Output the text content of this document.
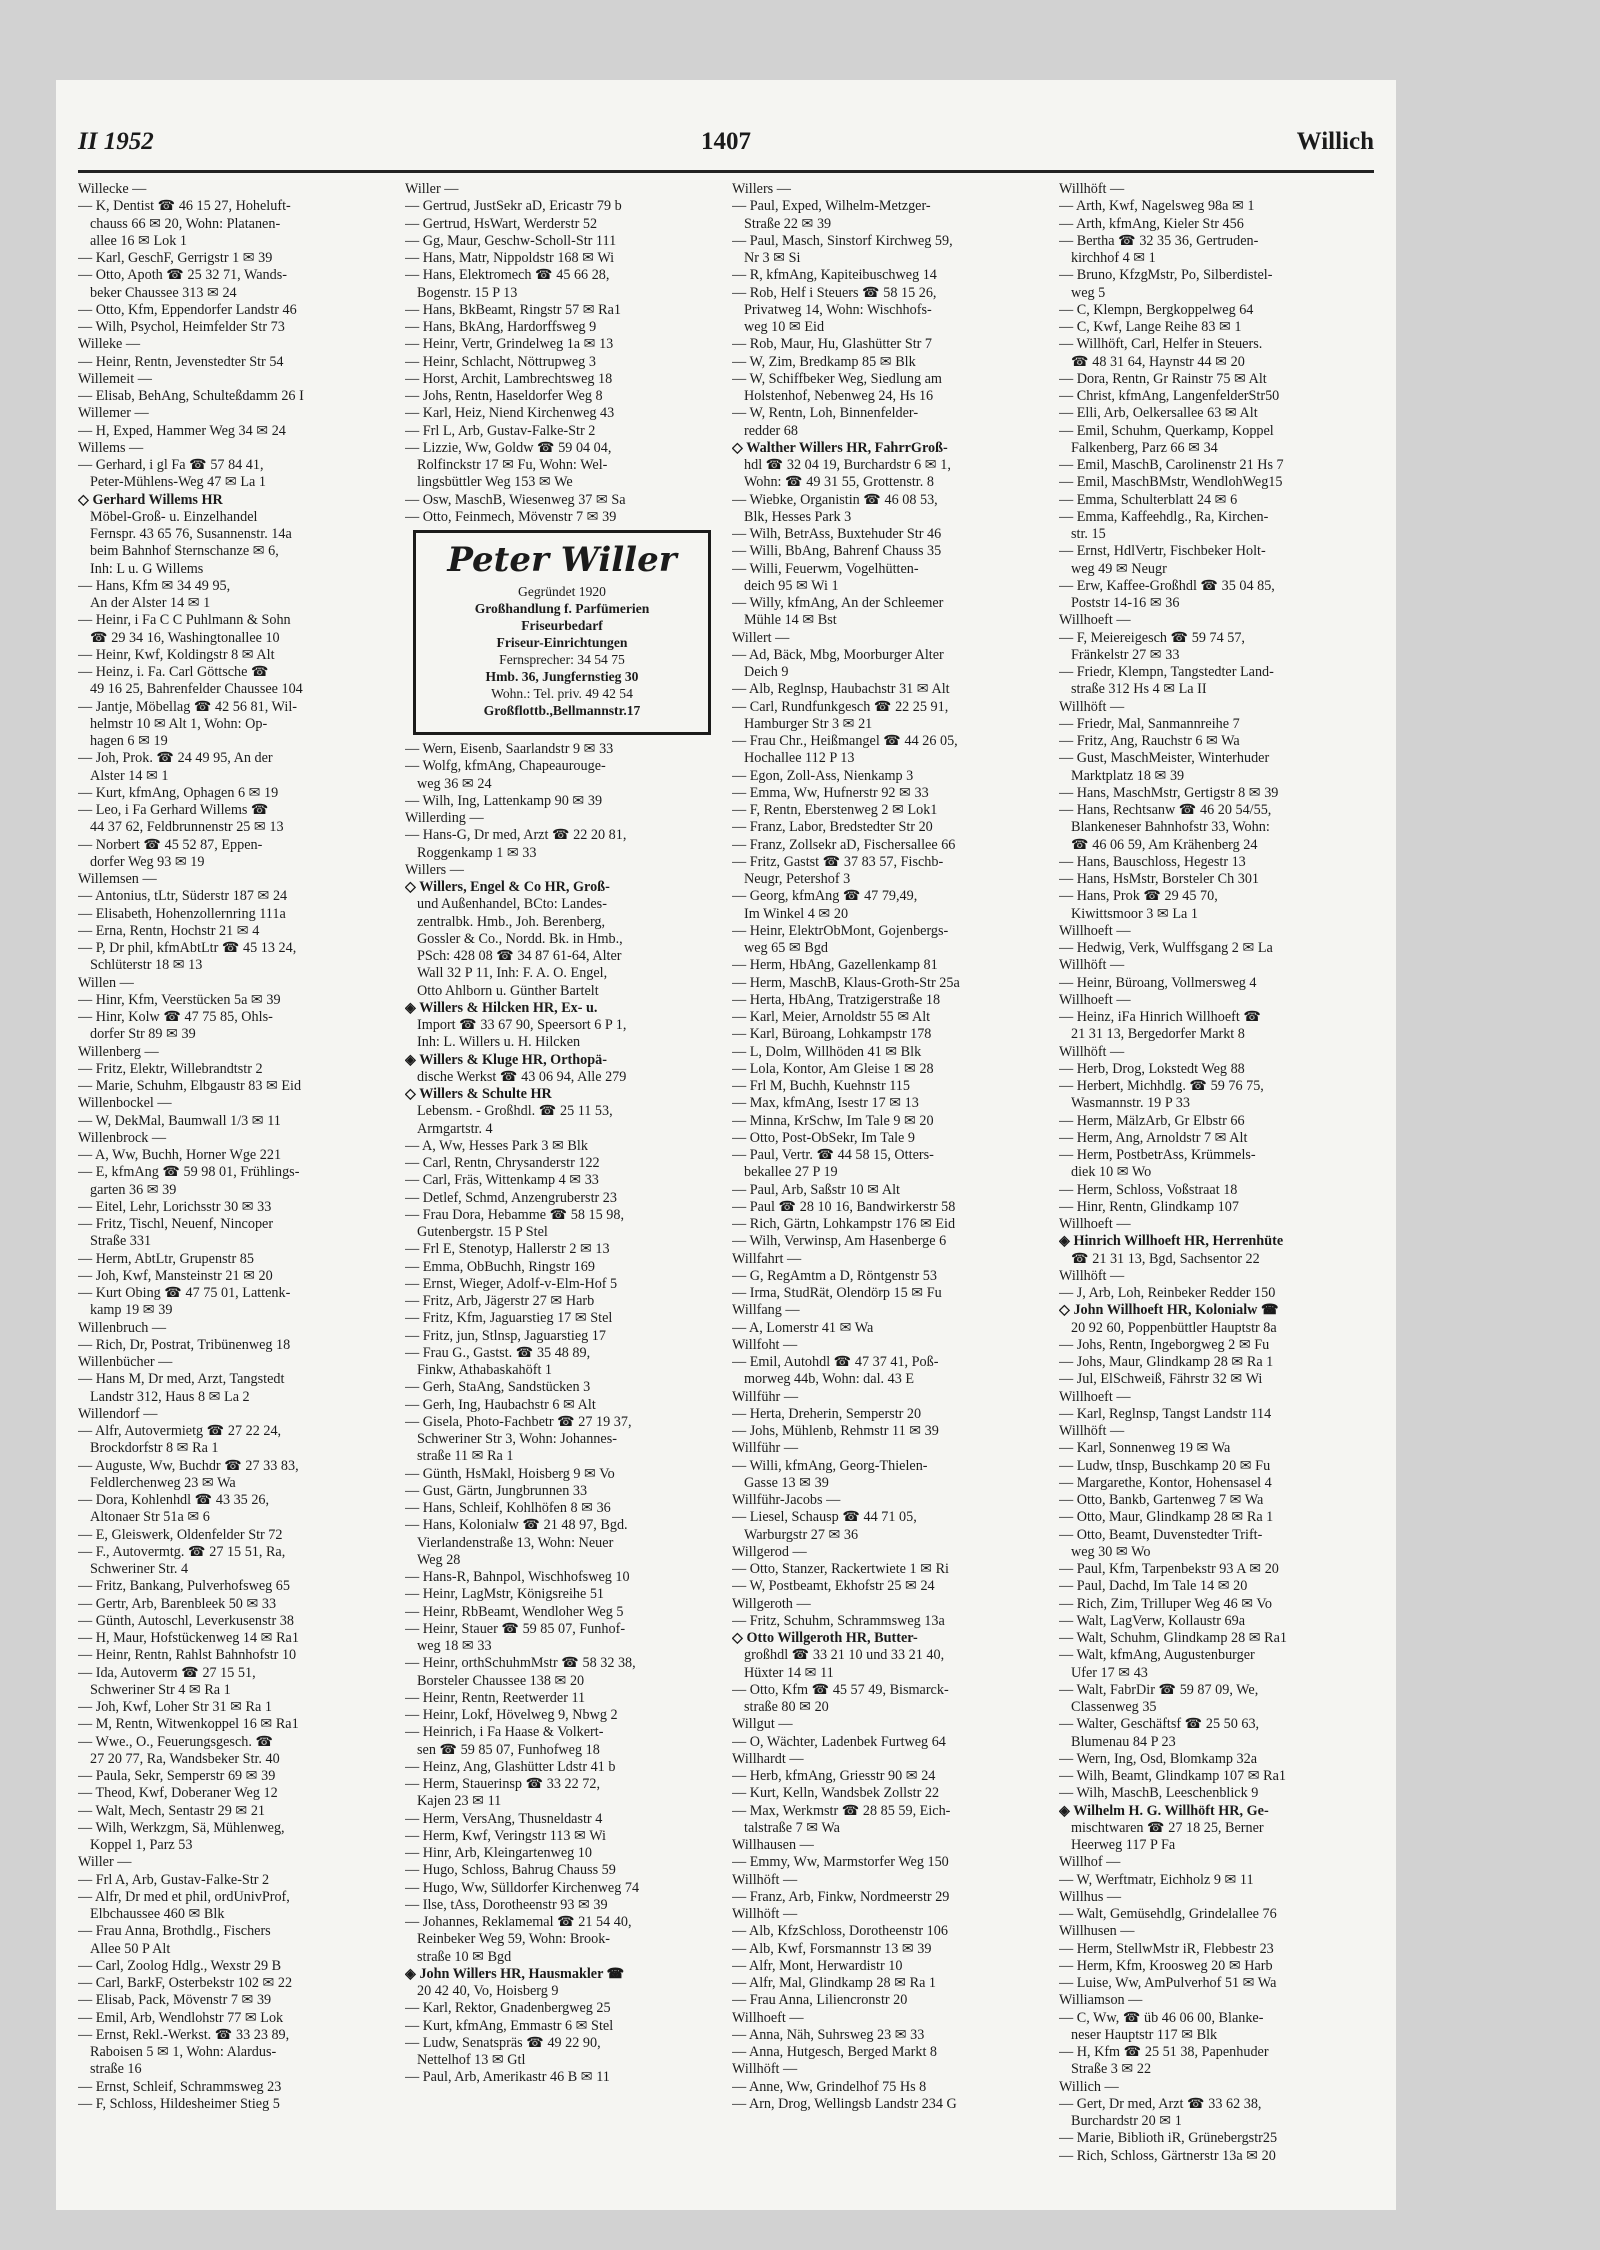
1407
II 1952	Willich
Willecke —
— K, Dentist ☎ 46 15 27, Hoheluft-
chauss 66 ✉ 20, Wohn: Platanen-
allee 16 ✉ Lok 1
— Karl, GeschF, Gerrigstr 1 ✉ 39
— Otto, Apoth ☎ 25 32 71, Wands-
beker Chaussee 313 ✉ 24
— Otto, Kfm, Eppendorfer Landstr 46
— Wilh, Psychol, Heimfelder Str 73
Willeke —
— Heinr, Rentn, Jevenstedter Str 54
Willemeit —
— Elisab, BehAng, Schulteßdamm 26 I
Willemer —
— H, Exped, Hammer Weg 34 ✉ 24
Willems —
— Gerhard, i gl Fa ☎ 57 84 41,
Peter-Mühlens-Weg 47 ✉ La 1
◇ Gerhard Willems HR
Möbel-Groß- u. Einzelhandel
Fernspr. 43 65 76, Susannenstr. 14a
beim Bahnhof Sternschanze ✉ 6,
Inh: L u. G Willems
— Hans, Kfm ✉ 34 49 95,
An der Alster 14 ✉ 1
— Heinr, i Fa C C Puhlmann & Sohn
☎ 29 34 16, Washingtonallee 10
— Heinr, Kwf, Koldingstr 8 ✉ Alt
— Heinz, i. Fa. Carl Göttsche ☎
49 16 25, Bahrenfelder Chaussee 104
— Jantje, Möbellag ☎ 42 56 81, Wil-
helmstr 10 ✉ Alt 1, Wohn: Op-
hagen 6 ✉ 19
— Joh, Prok. ☎ 24 49 95, An der
Alster 14 ✉ 1
— Kurt, kfmAng, Ophagen 6 ✉ 19
— Leo, i Fa Gerhard Willems ☎
44 37 62, Feldbrunnenstr 25 ✉ 13
— Norbert ☎ 45 52 87, Eppen-
dorfer Weg 93 ✉ 19
Willemsen —
— Antonius, tLtr, Süderstr 187 ✉ 24
— Elisabeth, Hohenzollernring 111a
— Erna, Rentn, Hochstr 21 ✉ 4
— P, Dr phil, kfmAbtLtr ☎ 45 13 24,
Schlüterstr 18 ✉ 13
Willen —
— Hinr, Kfm, Veerstücken 5a ✉ 39
— Hinr, Kolw ☎ 47 75 85, Ohls-
dorfer Str 89 ✉ 39
Willenberg —
— Fritz, Elektr, Willebrandtstr 2
— Marie, Schuhm, Elbgaustr 83 ✉ Eid
Willenbockel —
— W, DekMal, Baumwall 1/3 ✉ 11
Willenbrock —
— A, Ww, Buchh, Horner Wge 221
— E, kfmAng ☎ 59 98 01, Frühlings-
garten 36 ✉ 39
— Eitel, Lehr, Lorichsstr 30 ✉ 33
— Fritz, Tischl, Neuenf, Nincoper
Straße 331
— Herm, AbtLtr, Grupenstr 85
— Joh, Kwf, Mansteinstr 21 ✉ 20
— Kurt Obing ☎ 47 75 01, Lattenk-
kamp 19 ✉ 39
Willenbruch —
— Rich, Dr, Postrat, Tribünenweg 18
Willenbücher —
— Hans M, Dr med, Arzt, Tangstedt
Landstr 312, Haus 8 ✉ La 2
Willendorf —
— Alfr, Autovermietg ☎ 27 22 24,
Brockdorfstr 8 ✉ Ra 1
— Auguste, Ww, Buchdr ☎ 27 33 83,
Feldlerchenweg 23 ✉ Wa
— Dora, Kohlenhdl ☎ 43 35 26,
Altonaer Str 51a ✉ 6
— E, Gleiswerk, Oldenfelder Str 72
— F., Autovermtg. ☎ 27 15 51, Ra,
Schweriner Str. 4
— Fritz, Bankang, Pulverhofsweg 65
— Gertr, Arb, Barenbleek 50 ✉ 33
— Günth, Autoschl, Leverkusenstr 38
— H, Maur, Hofstückenweg 14 ✉ Ra1
— Heinr, Rentn, Rahlst Bahnhofstr 10
— Ida, Autoverm ☎ 27 15 51,
Schweriner Str 4 ✉ Ra 1
— Joh, Kwf, Loher Str 31 ✉ Ra 1
— M, Rentn, Witwenkoppel 16 ✉ Ra1
— Wwe., O., Feuerungsgesch. ☎
27 20 77, Ra, Wandsbeker Str. 40
— Paula, Sekr, Semperstr 69 ✉ 39
— Theod, Kwf, Doberaner Weg 12
— Walt, Mech, Sentastr 29 ✉ 21
— Wilh, Werkzgm, Sä, Mühlenweg,
Koppel 1, Parz 53
Willer —
— Frl A, Arb, Gustav-Falke-Str 2
— Alfr, Dr med et phil, ordUnivProf,
Elbchaussee 460 ✉ Blk
— Frau Anna, Brothdlg., Fischers
Allee 50 P Alt
— Carl, Zoolog Hdlg., Wexstr 29 B
— Carl, BarkF, Osterbekstr 102 ✉ 22
— Elisab, Pack, Mövenstr 7 ✉ 39
— Emil, Arb, Wendlohstr 77 ✉ Lok
— Ernst, Rekl.-Werkst. ☎ 33 23 89,
Raboisen 5 ✉ 1, Wohn: Alardus-
straße 16
— Ernst, Schleif, Schrammsweg 23
— F, Schloss, Hildesheimer Stieg 5
Willer —
— Gertrud, JustSekr aD, Ericastr 79 b
— Gertrud, HsWart, Werderstr 52
— Gg, Maur, Geschw-Scholl-Str 111
— Hans, Matr, Nippoldstr 168 ✉ Wi
— Hans, Elektromech ☎ 45 66 28,
Bogenstr. 15 P 13
— Hans, BkBeamt, Ringstr 57 ✉ Ra1
— Hans, BkAng, Hardorffsweg 9
— Heinr, Vertr, Grindelweg 1a ✉ 13
— Heinr, Schlacht, Nöttrupweg 3
— Horst, Archit, Lambrechtsweg 18
— Johs, Rentn, Haseldorfer Weg 8
— Karl, Heiz, Niend Kirchenweg 43
— Frl L, Arb, Gustav-Falke-Str 2
— Lizzie, Ww, Goldw ☎ 59 04 04,
Rolfinckstr 17 ✉ Fu, Wohn: Wel-
lingsbüttler Weg 153 ✉ We
— Osw, MaschB, Wiesenweg 37 ✉ Sa
— Otto, Feinmech, Mövenstr 7 ✉ 39
Peter Willer
Gegründet 1920
Großhandlung f. Parfümerien
Friseurbedarf
Friseur-Einrichtungen
Fernsprecher: 34 54 75
Hmb. 36, Jungfernstieg 30
Wohn.: Tel. priv. 49 42 54
Großflottb.,Bellmannstr.17
— Wern, Eisenb, Saarlandstr 9 ✉ 33
— Wolfg, kfmAng, Chapeaurouge-
weg 36 ✉ 24
— Wilh, Ing, Lattenkamp 90 ✉ 39
Willerding —
— Hans-G, Dr med, Arzt ☎ 22 20 81,
Roggenkamp 1 ✉ 33
Willers —
◇ Willers, Engel & Co HR, Groß-
und Außenhandel, BCto: Landes-
zentralbk. Hmb., Joh. Berenberg,
Gossler & Co., Nordd. Bk. in Hmb.,
PSch: 428 08 ☎ 34 87 61-64, Alter
Wall 32 P 11, Inh: F. A. O. Engel,
Otto Ahlborn u. Günther Bartelt
◈ Willers & Hilcken HR, Ex- u.
Import ☎ 33 67 90, Speersort 6 P 1,
Inh: L. Willers u. H. Hilcken
◈ Willers & Kluge HR, Orthopä-
dische Werkst ☎ 43 06 94, Alle 279
◇ Willers & Schulte HR
Lebensm. - Großhdl. ☎ 25 11 53,
Armgartstr. 4
— A, Ww, Hesses Park 3 ✉ Blk
— Carl, Rentn, Chrysanderstr 122
— Carl, Fräs, Wittenkamp 4 ✉ 33
— Detlef, Schmd, Anzengruberstr 23
— Frau Dora, Hebamme ☎ 58 15 98,
Gutenbergstr. 15 P Stel
— Frl E, Stenotyp, Hallerstr 2 ✉ 13
— Emma, ObBuchh, Ringstr 169
— Ernst, Wieger, Adolf-v-Elm-Hof 5
— Fritz, Arb, Jägerstr 27 ✉ Harb
— Fritz, Kfm, Jaguarstieg 17 ✉ Stel
— Fritz, jun, Stlnsp, Jaguarstieg 17
— Frau G., Gastst. ☎ 35 48 89,
Finkw, Athabaskahöft 1
— Gerh, StaAng, Sandstücken 3
— Gerh, Ing, Haubachstr 6 ✉ Alt
— Gisela, Photo-Fachbetr ☎ 27 19 37,
Schweriner Str 3, Wohn: Johannes-
straße 11 ✉ Ra 1
— Günth, HsMakl, Hoisberg 9 ✉ Vo
— Gust, Gärtn, Jungbrunnen 33
— Hans, Schleif, Kohlhöfen 8 ✉ 36
— Hans, Kolonialw ☎ 21 48 97, Bgd.
Vierlandenstraße 13, Wohn: Neuer
Weg 28
— Hans-R, Bahnpol, Wischhofsweg 10
— Heinr, LagMstr, Königsreihe 51
— Heinr, RbBeamt, Wendloher Weg 5
— Heinr, Stauer ☎ 59 85 07, Funhof-
weg 18 ✉ 33
— Heinr, orthSchuhmMstr ☎ 58 32 38,
Borsteler Chaussee 138 ✉ 20
— Heinr, Rentn, Reetwerder 11
— Heinr, Lokf, Hövelweg 9, Nbwg 2
— Heinrich, i Fa Haase & Volkert-
sen ☎ 59 85 07, Funhofweg 18
— Heinz, Ang, Glashütter Ldstr 41 b
— Herm, Stauerinsp ☎ 33 22 72,
Kajen 23 ✉ 11
— Herm, VersAng, Thusneldastr 4
— Herm, Kwf, Veringstr 113 ✉ Wi
— Hinr, Arb, Kleingartenweg 10
— Hugo, Schloss, Bahrug Chauss 59
— Hugo, Ww, Sülldorfer Kirchenweg 74
— Ilse, tAss, Dorotheenstr 93 ✉ 39
— Johannes, Reklamemal ☎ 21 54 40,
Reinbeker Weg 59, Wohn: Brook-
straße 10 ✉ Bgd
◈ John Willers HR, Hausmakler ☎
20 42 40, Vo, Hoisberg 9
— Karl, Rektor, Gnadenbergweg 25
— Kurt, kfmAng, Emmastr 6 ✉ Stel
— Ludw, Senatspräs ☎ 49 22 90,
Nettelhof 13 ✉ Gtl
— Paul, Arb, Amerikastr 46 B ✉ 11
Willers —
— Paul, Exped, Wilhelm-Metzger-
Straße 22 ✉ 39
— Paul, Masch, Sinstorf Kirchweg 59,
Nr 3 ✉ Si
— R, kfmAng, Kapiteibuschweg 14
— Rob, Helf i Steuers ☎ 58 15 26,
Privatweg 14, Wohn: Wischhofs-
weg 10 ✉ Eid
— Rob, Maur, Hu, Glashütter Str 7
— W, Zim, Bredkamp 85 ✉ Blk
— W, Schiffbeker Weg, Siedlung am
Holstenhof, Nebenweg 24, Hs 16
— W, Rentn, Loh, Binnenfelder-
redder 68
◇ Walther Willers HR, FahrrGroß-
hdl ☎ 32 04 19, Burchardstr 6 ✉ 1,
Wohn: ☎ 49 31 55, Grottenstr. 8
— Wiebke, Organistin ☎ 46 08 53,
Blk, Hesses Park 3
— Wilh, BetrAss, Buxtehuder Str 46
— Willi, BbAng, Bahrenf Chauss 35
— Willi, Feuerwm, Vogelhütten-
deich 95 ✉ Wi 1
— Willy, kfmAng, An der Schleemer
Mühle 14 ✉ Bst
Willert —
— Ad, Bäck, Mbg, Moorburger Alter
Deich 9
— Alb, Reglnsp, Haubachstr 31 ✉ Alt
— Carl, Rundfunkgesch ☎ 22 25 91,
Hamburger Str 3 ✉ 21
— Frau Chr., Heißmangel ☎ 44 26 05,
Hochallee 112 P 13
— Egon, Zoll-Ass, Nienkamp 3
— Emma, Ww, Hufnerstr 92 ✉ 33
— F, Rentn, Eberstenweg 2 ✉ Lok1
— Franz, Labor, Bredstedter Str 20
— Franz, Zollsekr aD, Fischersallee 66
— Fritz, Gastst ☎ 37 83 57, Fischb-
Neugr, Petershof 3
— Georg, kfmAng ☎ 47 79,49,
Im Winkel 4 ✉ 20
— Heinr, ElektrObMont, Gojenbergs-
weg 65 ✉ Bgd
— Herm, HbAng, Gazellenkamp 81
— Herm, MaschB, Klaus-Groth-Str 25a
— Herta, HbAng, Tratzigerstraße 18
— Karl, Meier, Arnoldstr 55 ✉ Alt
— Karl, Büroang, Lohkampstr 178
— L, Dolm, Willhöden 41 ✉ Blk
— Lola, Kontor, Am Gleise 1 ✉ 28
— Frl M, Buchh, Kuehnstr 115
— Max, kfmAng, Isestr 17 ✉ 13
— Minna, KrSchw, Im Tale 9 ✉ 20
— Otto, Post-ObSekr, Im Tale 9
— Paul, Vertr. ☎ 44 58 15, Otters-
bekallee 27 P 19
— Paul, Arb, Saßstr 10 ✉ Alt
— Paul ☎ 28 10 16, Bandwirkerstr 58
— Rich, Gärtn, Lohkampstr 176 ✉ Eid
— Wilh, Verwinsp, Am Hasenberge 6
Willfahrt —
— G, RegAmtm a D, Röntgenstr 53
— Irma, StudRät, Olendörp 15 ✉ Fu
Willfang —
— A, Lomerstr 41 ✉ Wa
Willfoht —
— Emil, Autohdl ☎ 47 37 41, Poß-
morweg 44b, Wohn: dal. 43 E
Willführ —
— Herta, Dreherin, Semperstr 20
— Johs, Mühlenb, Rehmstr 11 ✉ 39
Willführ —
— Willi, kfmAng, Georg-Thielen-
Gasse 13 ✉ 39
Willführ-Jacobs —
— Liesel, Schausp ☎ 44 71 05,
Warburgstr 27 ✉ 36
Willgerod —
— Otto, Stanzer, Rackertwiete 1 ✉ Ri
— W, Postbeamt, Ekhofstr 25 ✉ 24
Willgeroth —
— Fritz, Schuhm, Schrammsweg 13a
◇ Otto Willgeroth HR, Butter-
großhdl ☎ 33 21 10 und 33 21 40,
Hüxter 14 ✉ 11
— Otto, Kfm ☎ 45 57 49, Bismarck-
straße 80 ✉ 20
Willgut —
— O, Wächter, Ladenbek Furtweg 64
Willhardt —
— Herb, kfmAng, Griesstr 90 ✉ 24
— Kurt, Kelln, Wandsbek Zollstr 22
— Max, Werkmstr ☎ 28 85 59, Eich-
talstraße 7 ✉ Wa
Willhausen —
— Emmy, Ww, Marmstorfer Weg 150
Willhöft —
— Franz, Arb, Finkw, Nordmeerstr 29
Willhöft —
— Alb, KfzSchloss, Dorotheenstr 106
— Alb, Kwf, Forsmannstr 13 ✉ 39
— Alfr, Mont, Herwardistr 10
— Alfr, Mal, Glindkamp 28 ✉ Ra 1
— Frau Anna, Liliencronstr 20
Willhoeft —
— Anna, Näh, Suhrsweg 23 ✉ 33
— Anna, Hutgesch, Berged Markt 8
Willhöft —
— Anne, Ww, Grindelhof 75 Hs 8
— Arn, Drog, Wellingsb Landstr 234 G
Willhöft —
— Arth, Kwf, Nagelsweg 98a ✉ 1
— Arth, kfmAng, Kieler Str 456
— Bertha ☎ 32 35 36, Gertruden-
kirchhof 4 ✉ 1
— Bruno, KfzgMstr, Po, Silberdistel-
weg 5
— C, Klempn, Bergkoppelweg 64
— C, Kwf, Lange Reihe 83 ✉ 1
— Willhöft, Carl, Helfer in Steuers.
☎ 48 31 64, Haynstr 44 ✉ 20
— Dora, Rentn, Gr Rainstr 75 ✉ Alt
— Christ, kfmAng, LangenfelderStr50
— Elli, Arb, Oelkersallee 63 ✉ Alt
— Emil, Schuhm, Querkamp, Koppel
Falkenberg, Parz 66 ✉ 34
— Emil, MaschB, Carolinenstr 21 Hs 7
— Emil, MaschBMstr, WendlohWeg15
— Emma, Schulterblatt 24 ✉ 6
— Emma, Kaffeehdlg., Ra, Kirchen-
str. 15
— Ernst, HdlVertr, Fischbeker Holt-
weg 49 ✉ Neugr
— Erw, Kaffee-Großhdl ☎ 35 04 85,
Poststr 14-16 ✉ 36
Willhoeft —
— F, Meiereigesch ☎ 59 74 57,
Fränkelstr 27 ✉ 33
— Friedr, Klempn, Tangstedter Land-
straße 312 Hs 4 ✉ La II
Willhöft —
— Friedr, Mal, Sanmannreihe 7
— Fritz, Ang, Rauchstr 6 ✉ Wa
— Gust, MaschMeister, Winterhuder
Marktplatz 18 ✉ 39
— Hans, MaschMstr, Gertigstr 8 ✉ 39
— Hans, Rechtsanw ☎ 46 20 54/55,
Blankeneser Bahnhofstr 33, Wohn:
☎ 46 06 59, Am Krähenberg 24
— Hans, Bauschloss, Hegestr 13
— Hans, HsMstr, Borsteler Ch 301
— Hans, Prok ☎ 29 45 70,
Kiwittsmoor 3 ✉ La 1
Willhoeft —
— Hedwig, Verk, Wulffsgang 2 ✉ La
Willhöft —
— Heinr, Büroang, Vollmersweg 4
Willhoeft —
— Heinz, iFa Hinrich Willhoeft ☎
21 31 13, Bergedorfer Markt 8
Willhöft —
— Herb, Drog, Lokstedt Weg 88
— Herbert, Michhdlg. ☎ 59 76 75,
Wasmannstr. 19 P 33
— Herm, MälzArb, Gr Elbstr 66
— Herm, Ang, Arnoldstr 7 ✉ Alt
— Herm, PostbetrAss, Krümmels-
diek 10 ✉ Wo
— Herm, Schloss, Voßstraat 18
— Hinr, Rentn, Glindkamp 107
Willhoeft —
◈ Hinrich Willhoeft HR, Herrenhüte
☎ 21 31 13, Bgd, Sachsentor 22
Willhöft —
— J, Arb, Loh, Reinbeker Redder 150
◇ John Willhoeft HR, Kolonialw ☎
20 92 60, Poppenbüttler Hauptstr 8a
— Johs, Rentn, Ingeborgweg 2 ✉ Fu
— Johs, Maur, Glindkamp 28 ✉ Ra 1
— Jul, ElSchweiß, Fährstr 32 ✉ Wi
Willhoeft —
— Karl, Reglnsp, Tangst Landstr 114
Willhöft —
— Karl, Sonnenweg 19 ✉ Wa
— Ludw, tInsp, Buschkamp 20 ✉ Fu
— Margarethe, Kontor, Hohensasel 4
— Otto, Bankb, Gartenweg 7 ✉ Wa
— Otto, Maur, Glindkamp 28 ✉ Ra 1
— Otto, Beamt, Duvenstedter Trift-
weg 30 ✉ Wo
— Paul, Kfm, Tarpenbekstr 93 A ✉ 20
— Paul, Dachd, Im Tale 14 ✉ 20
— Rich, Zim, Trilluper Weg 46 ✉ Vo
— Walt, LagVerw, Kollaustr 69a
— Walt, Schuhm, Glindkamp 28 ✉ Ra1
— Walt, kfmAng, Augustenburger
Ufer 17 ✉ 43
— Walt, FabrDir ☎ 59 87 09, We,
Classenweg 35
— Walter, Geschäftsf ☎ 25 50 63,
Blumenau 84 P 23
— Wern, Ing, Osd, Blomkamp 32a
— Wilh, Beamt, Glindkamp 107 ✉ Ra1
— Wilh, MaschB, Leeschenblick 9
◈ Wilhelm H. G. Willhöft HR, Ge-
mischtwaren ☎ 27 18 25, Berner
Heerweg 117 P Fa
Willhof —
— W, Werftmatr, Eichholz 9 ✉ 11
Willhus —
— Walt, Gemüsehdlg, Grindelallee 76
Willhusen —
— Herm, StellwMstr iR, Flebbestr 23
— Herm, Kfm, Kroosweg 20 ✉ Harb
— Luise, Ww, AmPulverhof 51 ✉ Wa
Williamson —
— C, Ww, ☎ üb 46 06 00, Blanke-
neser Hauptstr 117 ✉ Blk
— H, Kfm ☎ 25 51 38, Papenhuder
Straße 3 ✉ 22
Willich —
— Gert, Dr med, Arzt ☎ 33 62 38,
Burchardstr 20 ✉ 1
— Marie, Biblioth iR, Grünebergstr25
— Rich, Schloss, Gärtnerstr 13a ✉ 20
